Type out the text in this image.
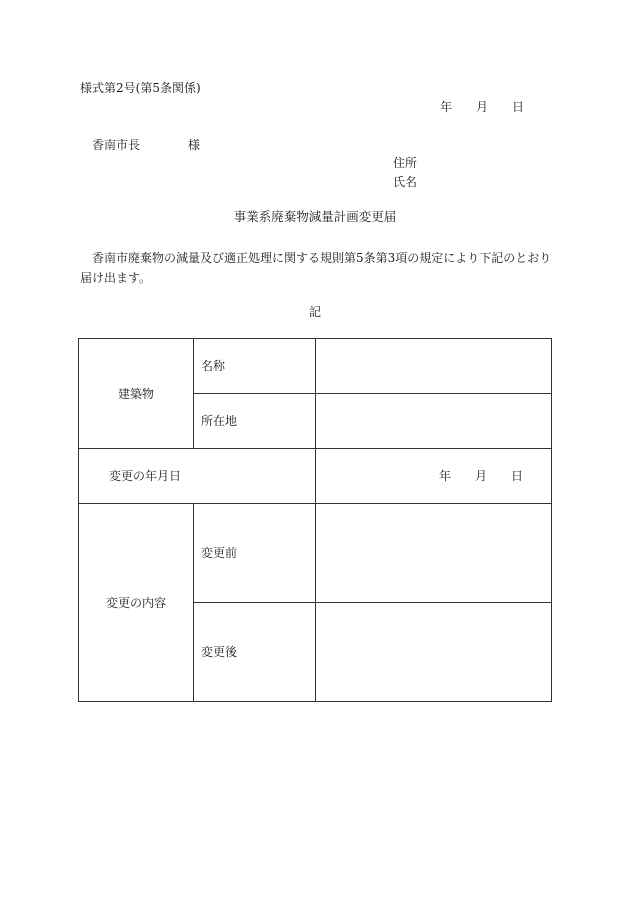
様式第2号(第5条関係)
年 月 日
香南市長	様
住所
氏名
事業系廃棄物減量計画変更届
香南市廃棄物の減量及び適正処理に関する規則第5条第3項の規定により下記のとおり届け出ます。
記
建築物	名称	
	所在地	
変更の年月日		年 月 日
変更の内容	変更前	
	変更後	
